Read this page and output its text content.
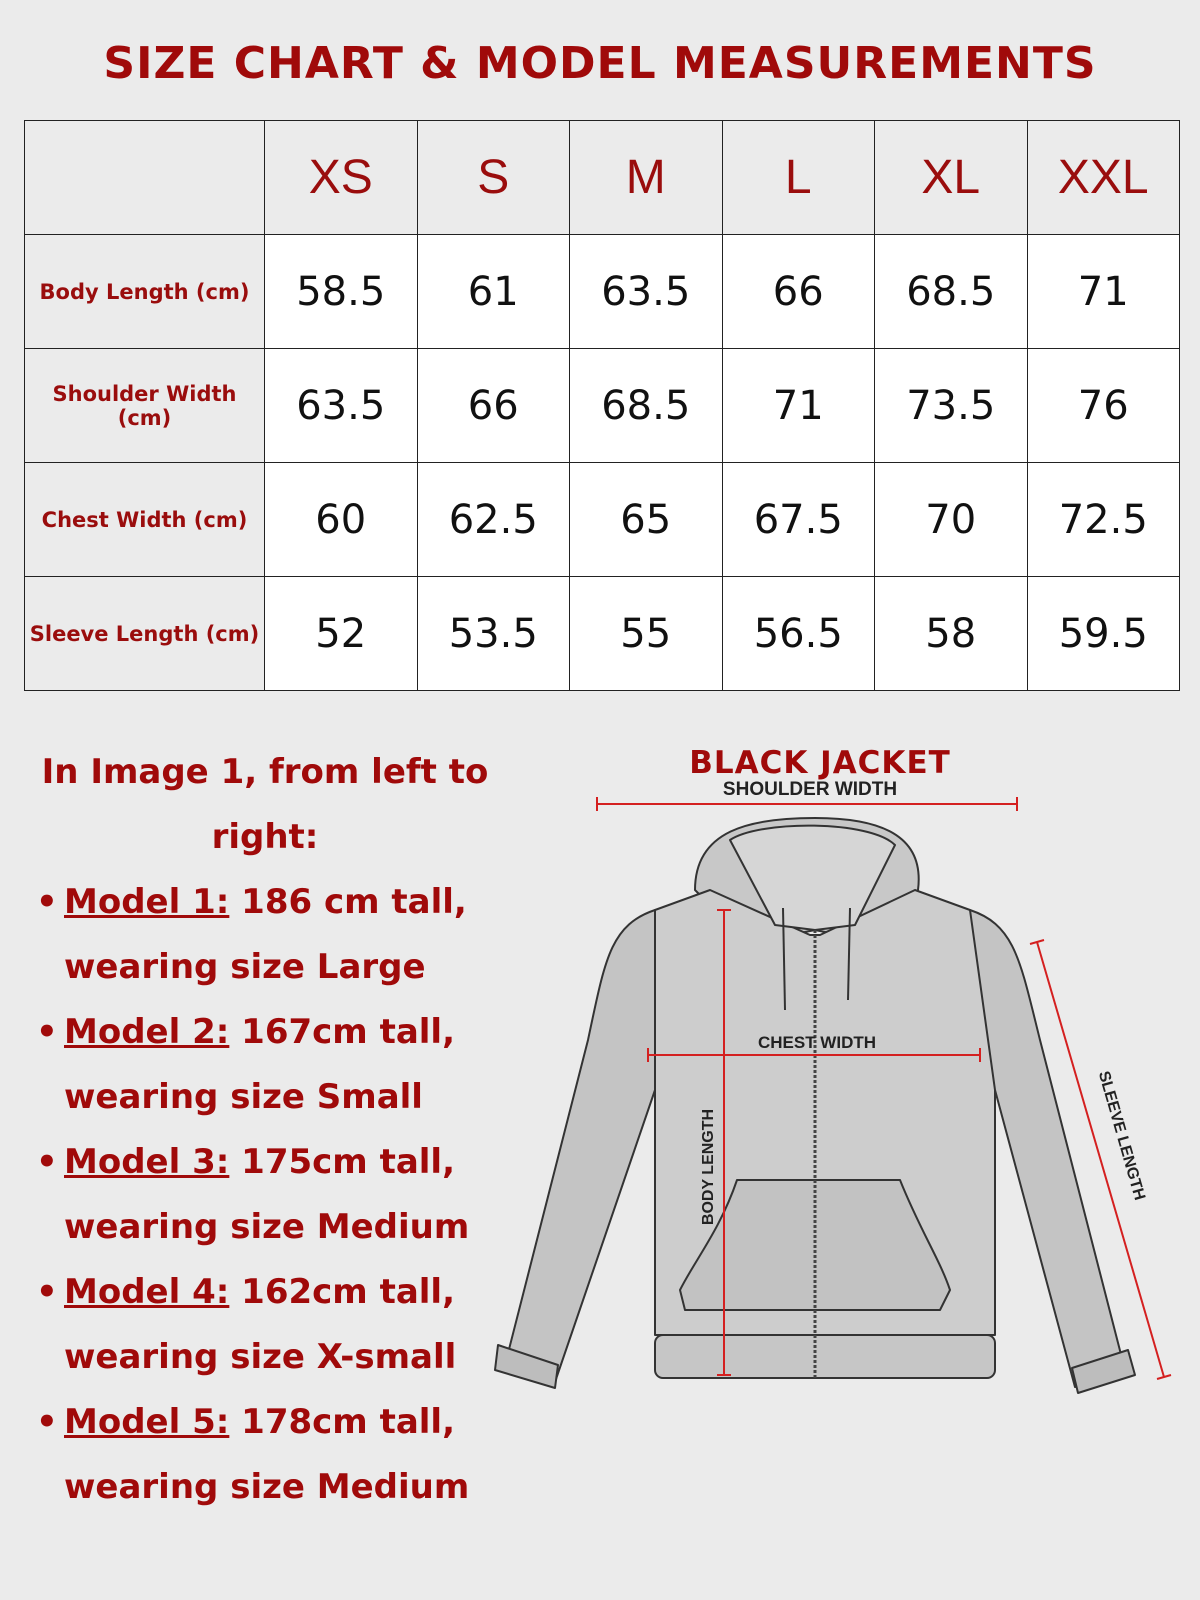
SIZE CHART & MODEL MEASUREMENTS
	XS	S	M	L	XL	XXL
Body Length (cm)	58.5	61	63.5	66	68.5	71
Shoulder Width (cm)	63.5	66	68.5	71	73.5	76
Chest Width (cm)	60	62.5	65	67.5	70	72.5
Sleeve Length (cm)	52	53.5	55	56.5	58	59.5
In Image 1, from left to right:
• Model 1: 186 cm tall,
wearing size Large
• Model 2: 167cm tall,
wearing size Small
• Model 3: 175cm tall,
wearing size Medium
• Model 4: 162cm tall,
wearing size X-small
• Model 5: 178cm tall,
wearing size Medium
BLACK JACKET
SHOULDER WIDTH
CHEST WIDTH
BODY LENGTH	SLEEVE LENGTH
